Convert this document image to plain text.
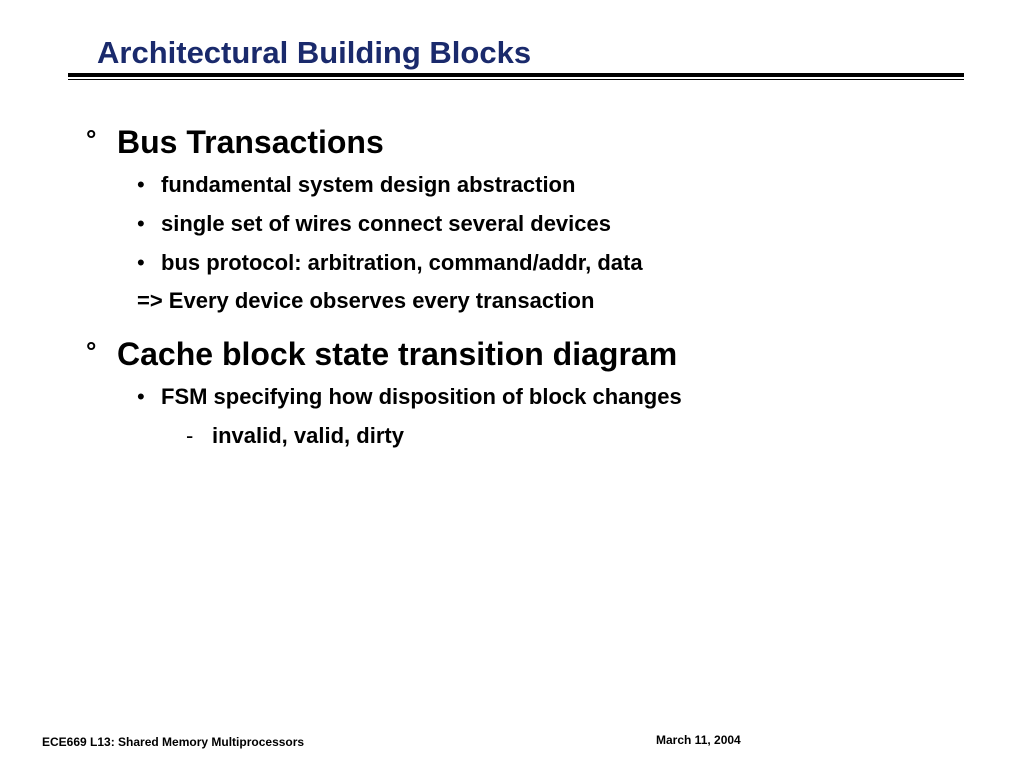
Architectural Building Blocks
° Bus Transactions
• fundamental system design abstraction
• single set of wires connect several devices
• bus protocol: arbitration, command/addr, data
=> Every device observes every transaction
° Cache block state transition diagram
• FSM specifying how disposition of block changes
- invalid, valid, dirty
ECE669 L13: Shared Memory Multiprocessors	March 11, 2004
